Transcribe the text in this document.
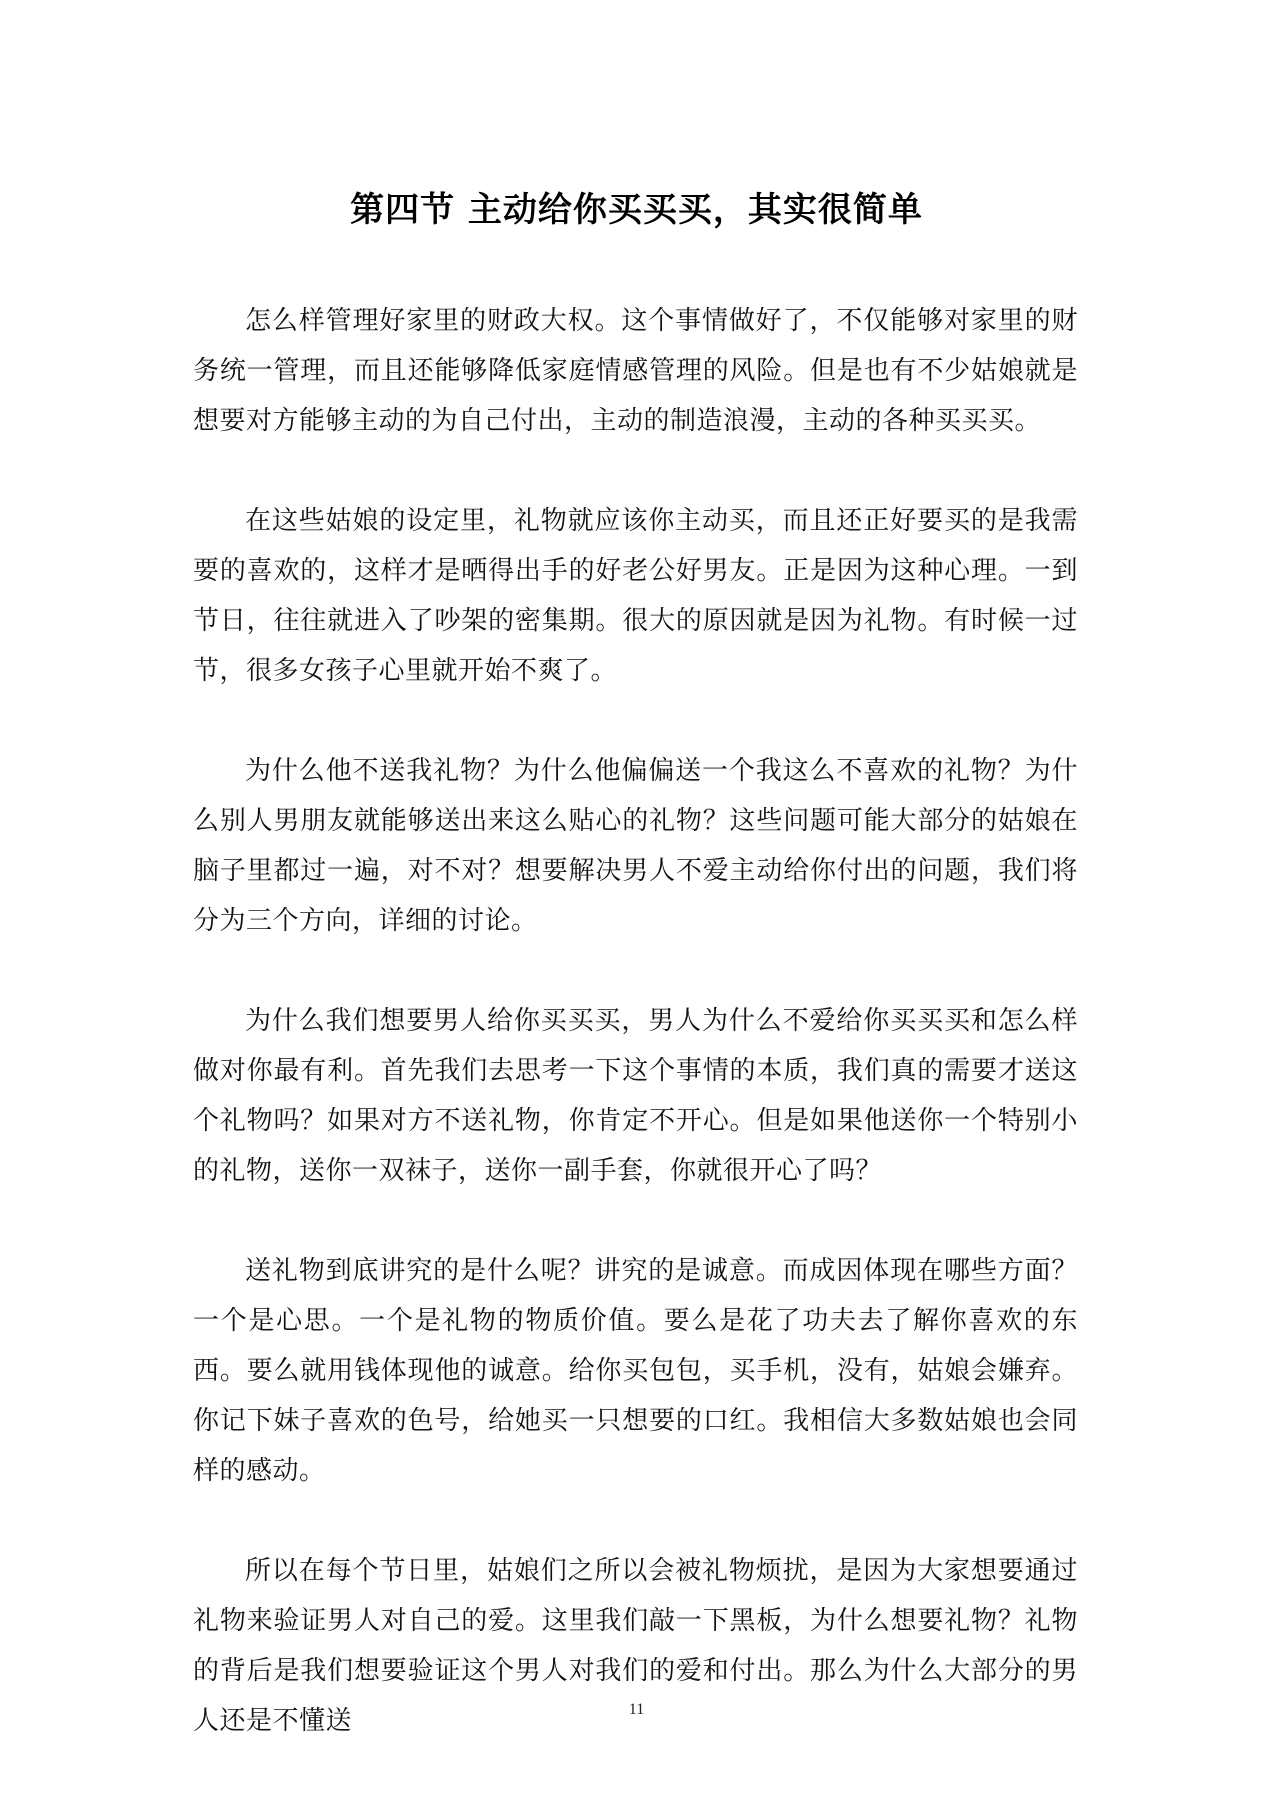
第四节 主动给你买买买，其实很简单

怎么样管理好家里的财政大权。这个事情做好了，不仅能够对家里的财务统一管理，而且还能够降低家庭情感管理的风险。但是也有不少姑娘就是想要对方能够主动的为自己付出，主动的制造浪漫，主动的各种买买买。

在这些姑娘的设定里，礼物就应该你主动买，而且还正好要买的是我需要的喜欢的，这样才是晒得出手的好老公好男友。正是因为这种心理。一到节日，往往就进入了吵架的密集期。很大的原因就是因为礼物。有时候一过节，很多女孩子心里就开始不爽了。

为什么他不送我礼物？为什么他偏偏送一个我这么不喜欢的礼物？为什么别人男朋友就能够送出来这么贴心的礼物？这些问题可能大部分的姑娘在脑子里都过一遍，对不对？想要解决男人不爱主动给你付出的问题，我们将分为三个方向，详细的讨论。

为什么我们想要男人给你买买买，男人为什么不爱给你买买买和怎么样做对你最有利。首先我们去思考一下这个事情的本质，我们真的需要才送这个礼物吗？如果对方不送礼物，你肯定不开心。但是如果他送你一个特别小的礼物，送你一双袜子，送你一副手套，你就很开心了吗？

送礼物到底讲究的是什么呢？讲究的是诚意。而成因体现在哪些方面？一个是心思。一个是礼物的物质价值。要么是花了功夫去了解你喜欢的东西。要么就用钱体现他的诚意。给你买包包，买手机，没有，姑娘会嫌弃。你记下妹子喜欢的色号，给她买一只想要的口红。我相信大多数姑娘也会同样的感动。

所以在每个节日里，姑娘们之所以会被礼物烦扰，是因为大家想要通过礼物来验证男人对自己的爱。这里我们敲一下黑板，为什么想要礼物？礼物的背后是我们想要验证这个男人对我们的爱和付出。那么为什么大部分的男人还是不懂送	11
